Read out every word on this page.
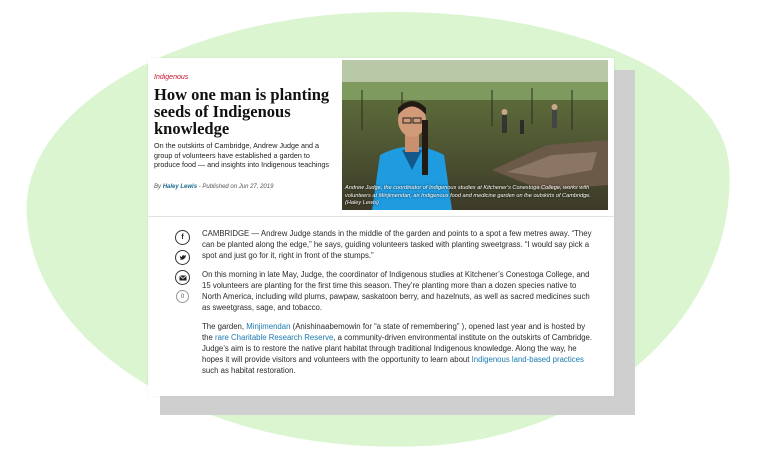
Indigenous
How one man is planting seeds of Indigenous knowledge

On the outskirts of Cambridge, Andrew Judge and a group of volunteers have established a garden to produce food — and insights into Indigenous teachings

By Haley Lewis - Published on Jun 27, 2019	Andrew Judge, the coordinator of Indigenous studies at Kitchener's Conestoga College, works with volunteers at Minjimendan, an Indigenous food and medicine garden on the outskirts of Cambridge. (Haley Lewis)

f
0

CAMBRIDGE — Andrew Judge stands in the middle of the garden and points to a spot a few metres away. “They can be planted along the edge,” he says, guiding volunteers tasked with planting sweetgrass. “I would say pick a spot and just go for it, right in front of the stumps.”

On this morning in late May, Judge, the coordinator of Indigenous studies at Kitchener’s Conestoga College, and 15 volunteers are planting for the first time this season. They’re planting more than a dozen species native to North America, including wild plums, pawpaw, saskatoon berry, and hazelnuts, as well as sacred medicines such as sweetgrass, sage, and tobacco.

The garden, Minjimendan (Anishinaabemowin for “a state of remembering” ), opened last year and is hosted by the rare Charitable Research Reserve, a community-driven environmental institute on the outskirts of Cambridge. Judge’s aim is to restore the native plant habitat through traditional Indigenous knowledge. Along the way, he hopes it will provide visitors and volunteers with the opportunity to learn about Indigenous land-based practices such as habitat restoration.
